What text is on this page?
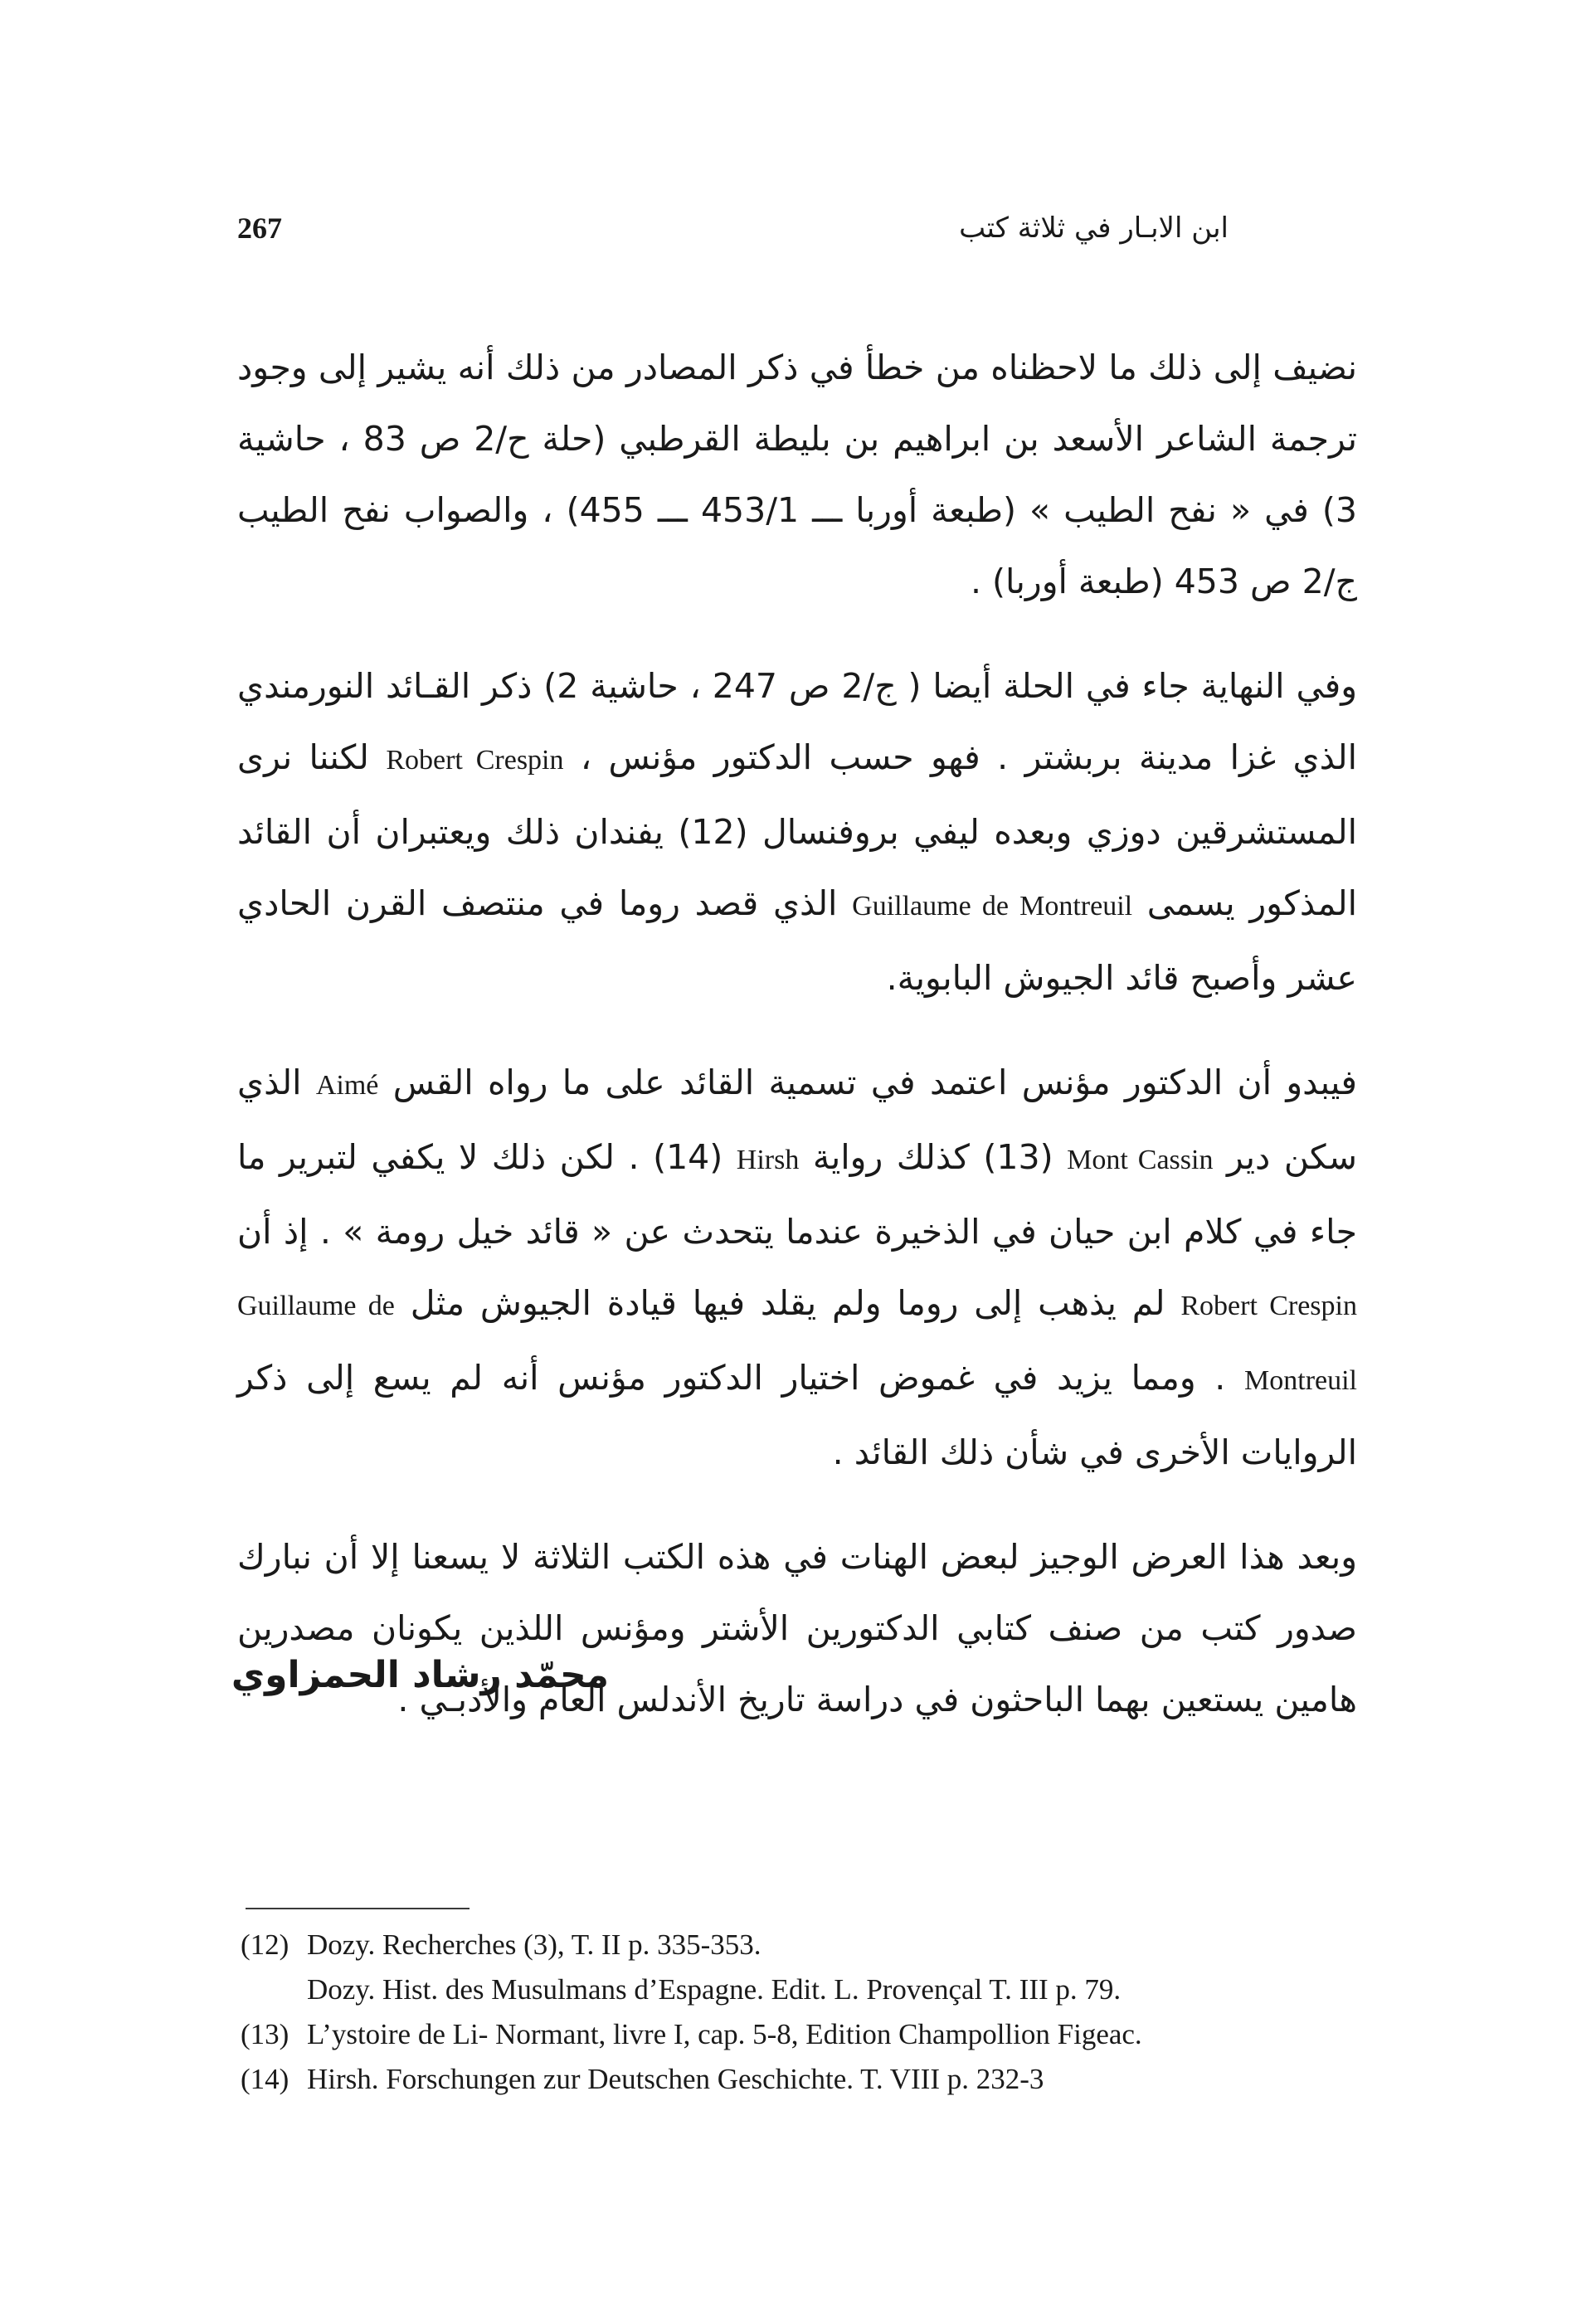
267	ابن الابـار في ثلاثة كتب

نضيف إلى ذلك ما لاحظناه من خطأ في ذكر المصادر من ذلك أنه يشير إلى وجود ترجمة الشاعر الأسعد بن ابراهيم بن بليطة القرطبي (حلة ح/2 ص 83 ، حاشية 3) في « نفح الطيب » (طبعة أوربا ـــ 453/1 ـــ 455) ، والصواب نفح الطيب ج/2 ص 453 (طبعة أوربا) .

وفي النهاية جاء في الحلة أيضا ( ج/2 ص 247 ، حاشية 2) ذكر القـائد النورمندي الذي غزا مدينة بربشتر . فهو حسب الدكتور مؤنس ، Robert Crespin لكننا نرى المستشرقين دوزي وبعده ليفي بروفنسال (12) يفندان ذلك ويعتبران أن القائد المذكور يسمى Guillaume de Montreuil الذي قصد روما في منتصف القرن الحادي عشر وأصبح قائد الجيوش البابوية.

فيبدو أن الدكتور مؤنس اعتمد في تسمية القائد على ما رواه القس Aimé الذي سكن دير Mont Cassin (13) كذلك رواية Hirsh (14) . لكن ذلك لا يكفي لتبرير ما جاء في كلام ابن حيان في الذخيرة عندما يتحدث عن « قائد خيل رومة » . إذ أن Robert Crespin لم يذهب إلى روما ولم يقلد فيها قيادة الجيوش مثل Guillaume de Montreuil . ومما يزيد في غموض اختيار الدكتور مؤنس أنه لم يسع إلى ذكر الروايات الأخرى في شأن ذلك القائد .

وبعد هذا العرض الوجيز لبعض الهنات في هذه الكتب الثلاثة لا يسعنا إلا أن نبارك صدور كتب من صنف كتابي الدكتورين الأشتر ومؤنس اللذين يكونان مصدرين هامين يستعين بهما الباحثون في دراسة تاريخ الأندلس العام والأدبـي .

محمّد رشاد الحمزاوي
(12) Dozy. Recherches (3), T. II p. 335-353.
Dozy. Hist. des Musulmans d’Espagne. Edit. L. Provençal T. III p. 79.
(13) L’ystoire de Li- Normant, livre I, cap. 5-8, Edition Champollion Figeac.
(14) Hirsh. Forschungen zur Deutschen Geschichte. T. VIII p. 232-3
